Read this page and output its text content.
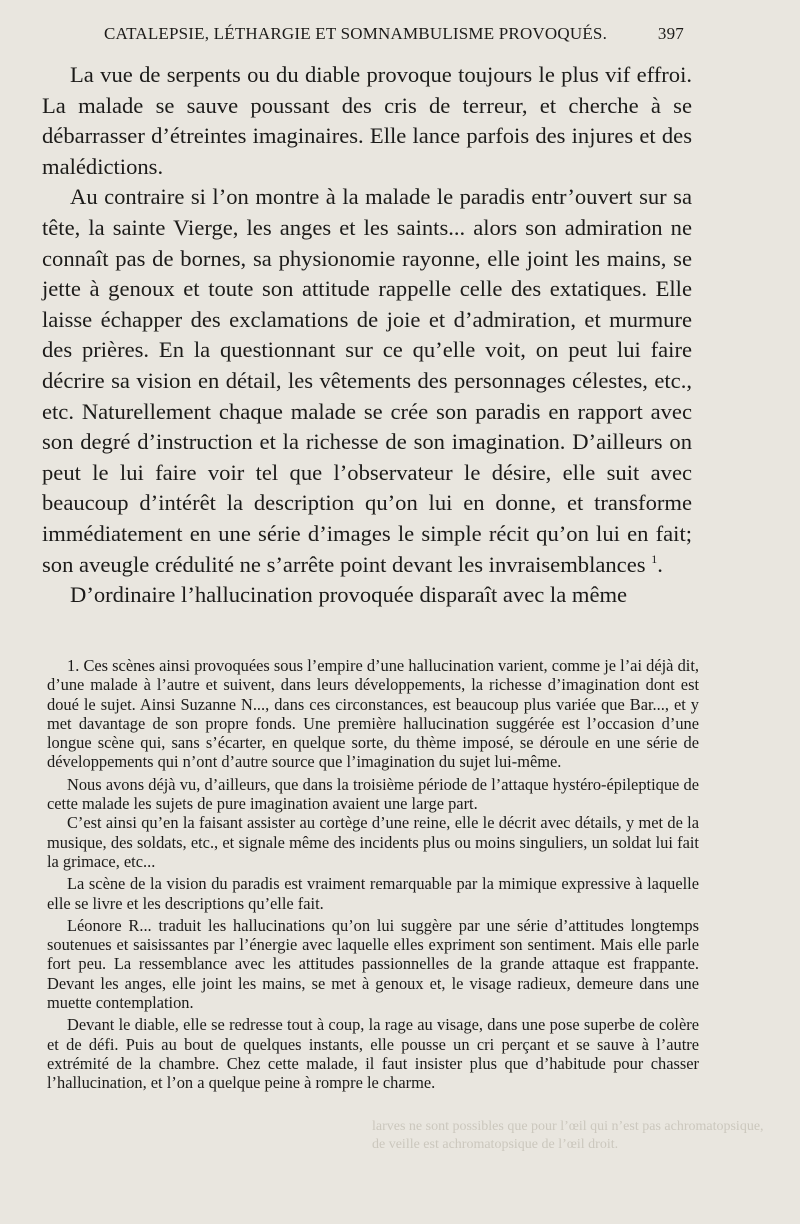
CATALEPSIE, LÉTHARGIE ET SOMNAMBULISME PROVOQUÉS.	397

La vue de serpents ou du diable provoque toujours le plus vif effroi. La malade se sauve poussant des cris de terreur, et cherche à se débarrasser d’étreintes imaginaires. Elle lance parfois des injures et des malédictions.

Au contraire si l’on montre à la malade le paradis entr’ouvert sur sa tête, la sainte Vierge, les anges et les saints... alors son admiration ne connaît pas de bornes, sa physionomie rayonne, elle joint les mains, se jette à genoux et toute son attitude rappelle celle des extatiques. Elle laisse échapper des exclamations de joie et d’admiration, et murmure des prières. En la questionnant sur ce qu’elle voit, on peut lui faire décrire sa vision en détail, les vêtements des personnages célestes, etc., etc. Naturellement chaque malade se crée son paradis en rapport avec son degré d’instruction et la richesse de son imagination. D’ailleurs on peut le lui faire voir tel que l’observateur le désire, elle suit avec beaucoup d’intérêt la description qu’on lui en donne, et transforme immédiatement en une série d’images le simple récit qu’on lui en fait; son aveugle crédulité ne s’arrête point devant les invraisemblances $^1$.

D’ordinaire l’hallucination provoquée disparaît avec la même

1. Ces scènes ainsi provoquées sous l’empire d’une hallucination varient, comme je l’ai déjà dit, d’une malade à l’autre et suivent, dans leurs développements, la richesse d’imagination dont est doué le sujet. Ainsi Suzanne N..., dans ces circonstances, est beaucoup plus variée que Bar..., et y met davantage de son propre fonds. Une première hallucination suggérée est l’occasion d’une longue scène qui, sans s’écarter, en quelque sorte, du thème imposé, se déroule en une série de développements qui n’ont d’autre source que l’imagination du sujet lui-même.

Nous avons déjà vu, d’ailleurs, que dans la troisième période de l’attaque hystéro-épileptique de cette malade les sujets de pure imagination avaient une large part.

C’est ainsi qu’en la faisant assister au cortège d’une reine, elle le décrit avec détails, y met de la musique, des soldats, etc., et signale même des incidents plus ou moins singuliers, un soldat lui fait la grimace, etc...

La scène de la vision du paradis est vraiment remarquable par la mimique expressive à laquelle elle se livre et les descriptions qu’elle fait.

Léonore R... traduit les hallucinations qu’on lui suggère par une série d’attitudes longtemps soutenues et saisissantes par l’énergie avec laquelle elles expriment son sentiment. Mais elle parle fort peu. La ressemblance avec les attitudes passionnelles de la grande attaque est frappante. Devant les anges, elle joint les mains, se met à genoux et, le visage radieux, demeure dans une muette contemplation.

Devant le diable, elle se redresse tout à coup, la rage au visage, dans une pose superbe de colère et de défi. Puis au bout de quelques instants, elle pousse un cri perçant et se sauve à l’autre extrémité de la chambre. Chez cette malade, il faut insister plus que d’habitude pour chasser l’hallucination, et l’on a quelque peine à rompre le charme.

larves ne sont possibles que pour l’œil qui n’est pas achromatopsique,
de veille est achromatopsique de l’œil droit.
